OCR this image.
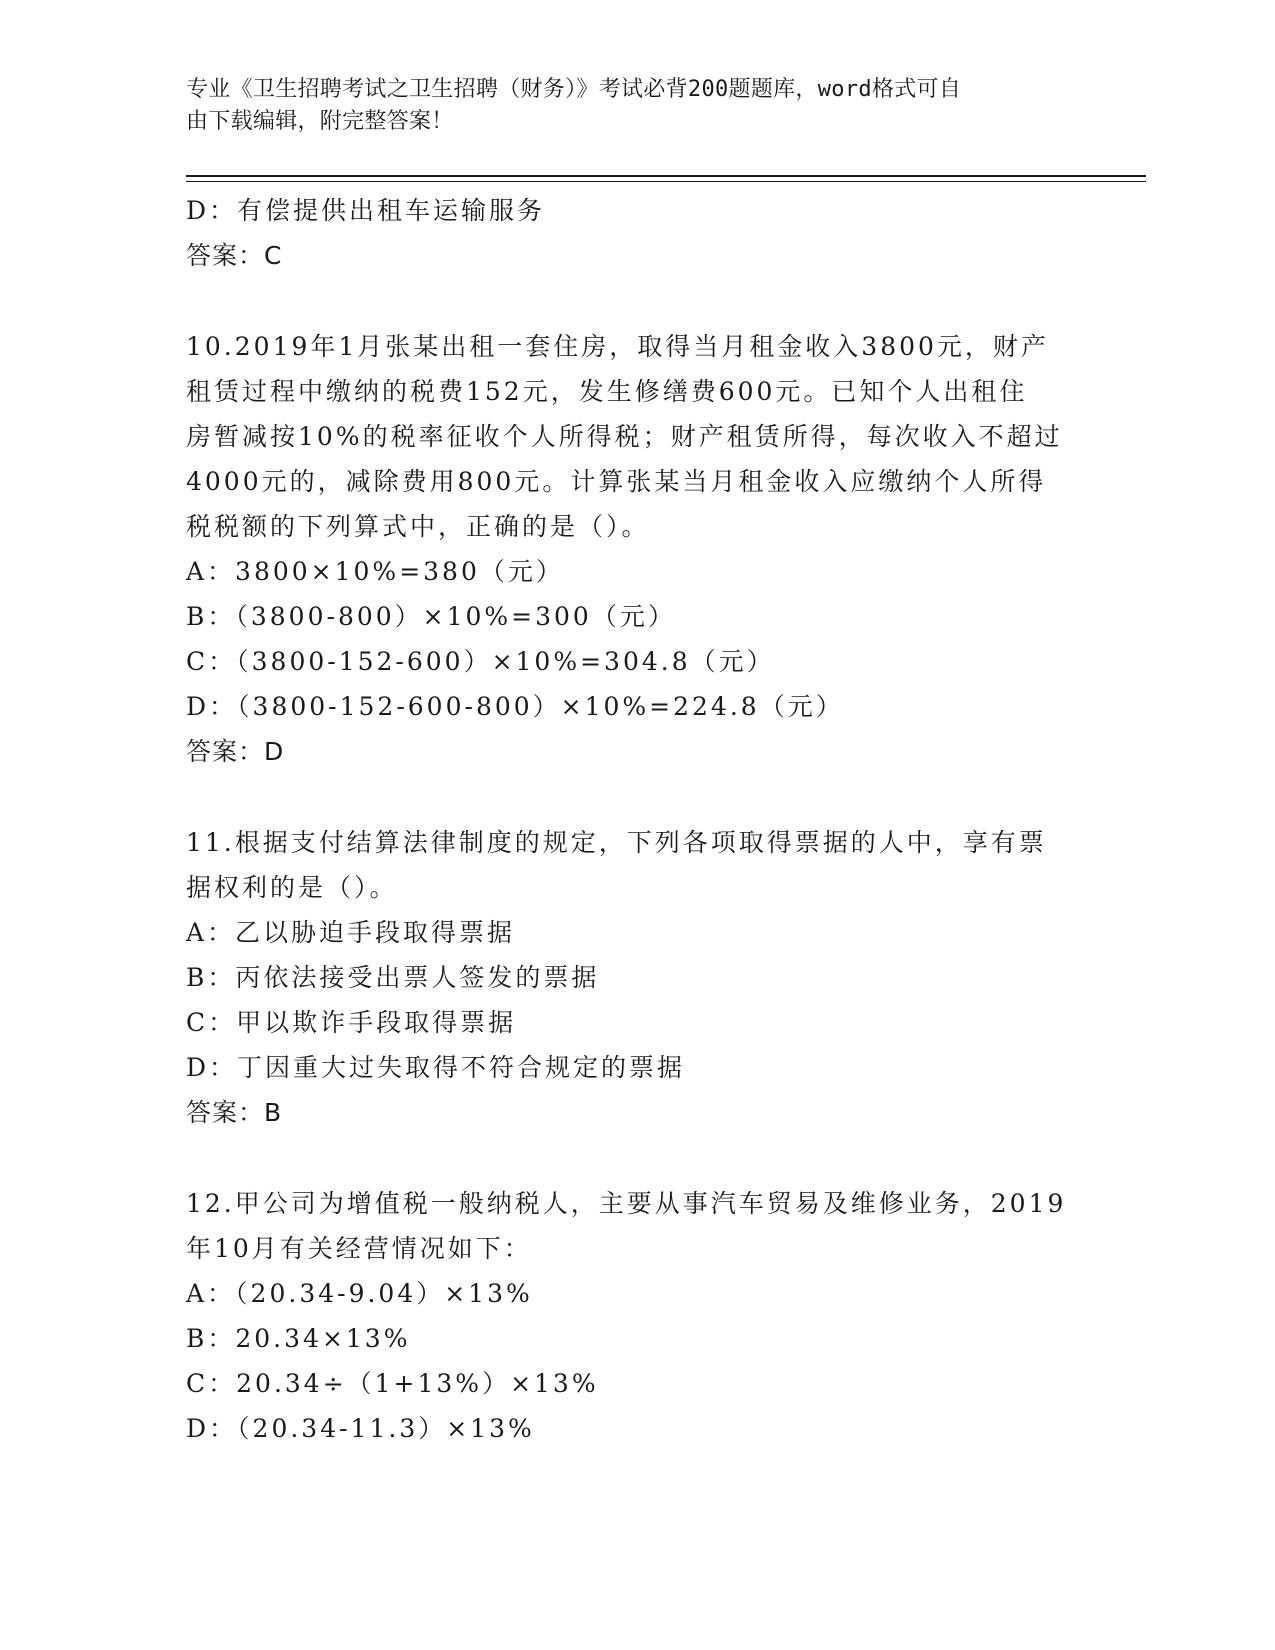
专业《卫生招聘考试之卫生招聘（财务）》考试必背200题题库，word格式可自
由下载编辑，附完整答案！
D：有偿提供出租车运输服务
答案：C
10.2019年1月张某出租一套住房，取得当月租金收入3800元，财产
租赁过程中缴纳的税费152元，发生修缮费600元。已知个人出租住
房暂减按10%的税率征收个人所得税；财产租赁所得，每次收入不超过
4000元的，减除费用800元。计算张某当月租金收入应缴纳个人所得
税税额的下列算式中，正确的是（）。
A：3800×10%=380（元）
B：（3800-800）×10%=300（元）
C：（3800-152-600）×10%=304.8（元）
D：（3800-152-600-800）×10%=224.8（元）
答案：D
11.根据支付结算法律制度的规定，下列各项取得票据的人中，享有票
据权利的是（）。
A：乙以胁迫手段取得票据
B：丙依法接受出票人签发的票据
C：甲以欺诈手段取得票据
D：丁因重大过失取得不符合规定的票据
答案：B
12.甲公司为增值税一般纳税人，主要从事汽车贸易及维修业务，2019
年10月有关经营情况如下：
A：（20.34-9.04）×13%
B：20.34×13%
C：20.34÷（1+13%）×13%
D：（20.34-11.3）×13%
